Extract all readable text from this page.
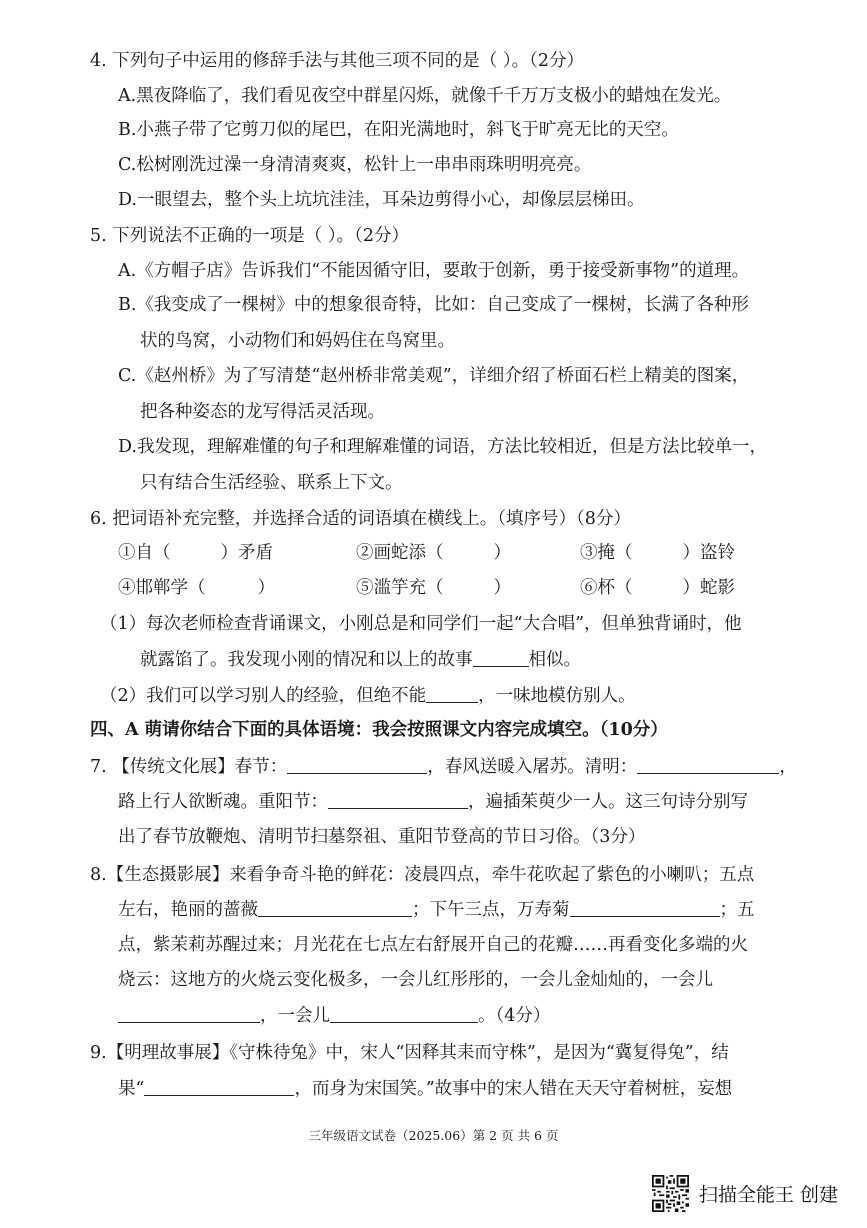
4. 下列句子中运用的修辞手法与其他三项不同的是（ ）。（2分）
A.黑夜降临了，我们看见夜空中群星闪烁，就像千千万万支极小的蜡烛在发光。
B.小燕子带了它剪刀似的尾巴，在阳光满地时，斜飞于旷亮无比的天空。
C.松树刚洗过澡一身清清爽爽，松针上一串串雨珠明明亮亮。
D.一眼望去，整个头上坑坑洼洼，耳朵边剪得小心，却像层层梯田。
5. 下列说法不正确的一项是（ ）。（2分）
A.《方帽子店》告诉我们“不能因循守旧，要敢于创新，勇于接受新事物”的道理。
B.《我变成了一棵树》中的想象很奇特，比如：自己变成了一棵树，长满了各种形
状的鸟窝，小动物们和妈妈住在鸟窝里。
C.《赵州桥》为了写清楚“赵州桥非常美观”，详细介绍了桥面石栏上精美的图案，
把各种姿态的龙写得活灵活现。
D.我发现，理解难懂的句子和理解难懂的词语，方法比较相近，但是方法比较单一，
只有结合生活经验、联系上下文。
6. 把词语补充完整，并选择合适的词语填在横线上。（填序号）（8分）
①自（	）矛盾	②画蛇添（	）	③掩（	）盗铃
④邯郸学（	）	⑤滥竽充（	）	⑥杯（	）蛇影
（1）每次老师检查背诵课文，小刚总是和同学们一起“大合唱”，但单独背诵时，他
就露馅了。我发现小刚的情况和以上的故事	相似。
（2）我们可以学习别人的经验，但绝不能	，一味地模仿别人。
四、A 萌请你结合下面的具体语境：我会按照课文内容完成填空。（10分）
7. 【传统文化展】春节：	，春风送暖入屠苏。清明：	，
路上行人欲断魂。重阳节：	，遍插茱萸少一人。这三句诗分别写
出了春节放鞭炮、清明节扫墓祭祖、重阳节登高的节日习俗。（3分）
8.【生态摄影展】来看争奇斗艳的鲜花：凌晨四点，牵牛花吹起了紫色的小喇叭；五点
左右，艳丽的蔷薇	；下午三点，万寿菊	；五
点，紫茉莉苏醒过来；月光花在七点左右舒展开自己的花瓣……再看变化多端的火
烧云：这地方的火烧云变化极多，一会儿红彤彤的，一会儿金灿灿的，一会儿
，一会儿	。（4分）
9.【明理故事展】《守株待兔》中，宋人“因释其耒而守株”，是因为“冀复得兔”，结
果“	，而身为宋国笑。”故事中的宋人错在天天守着树桩，妄想
三年级语文试卷（2025.06）第 2 页 共 6 页
扫描全能王 创建
